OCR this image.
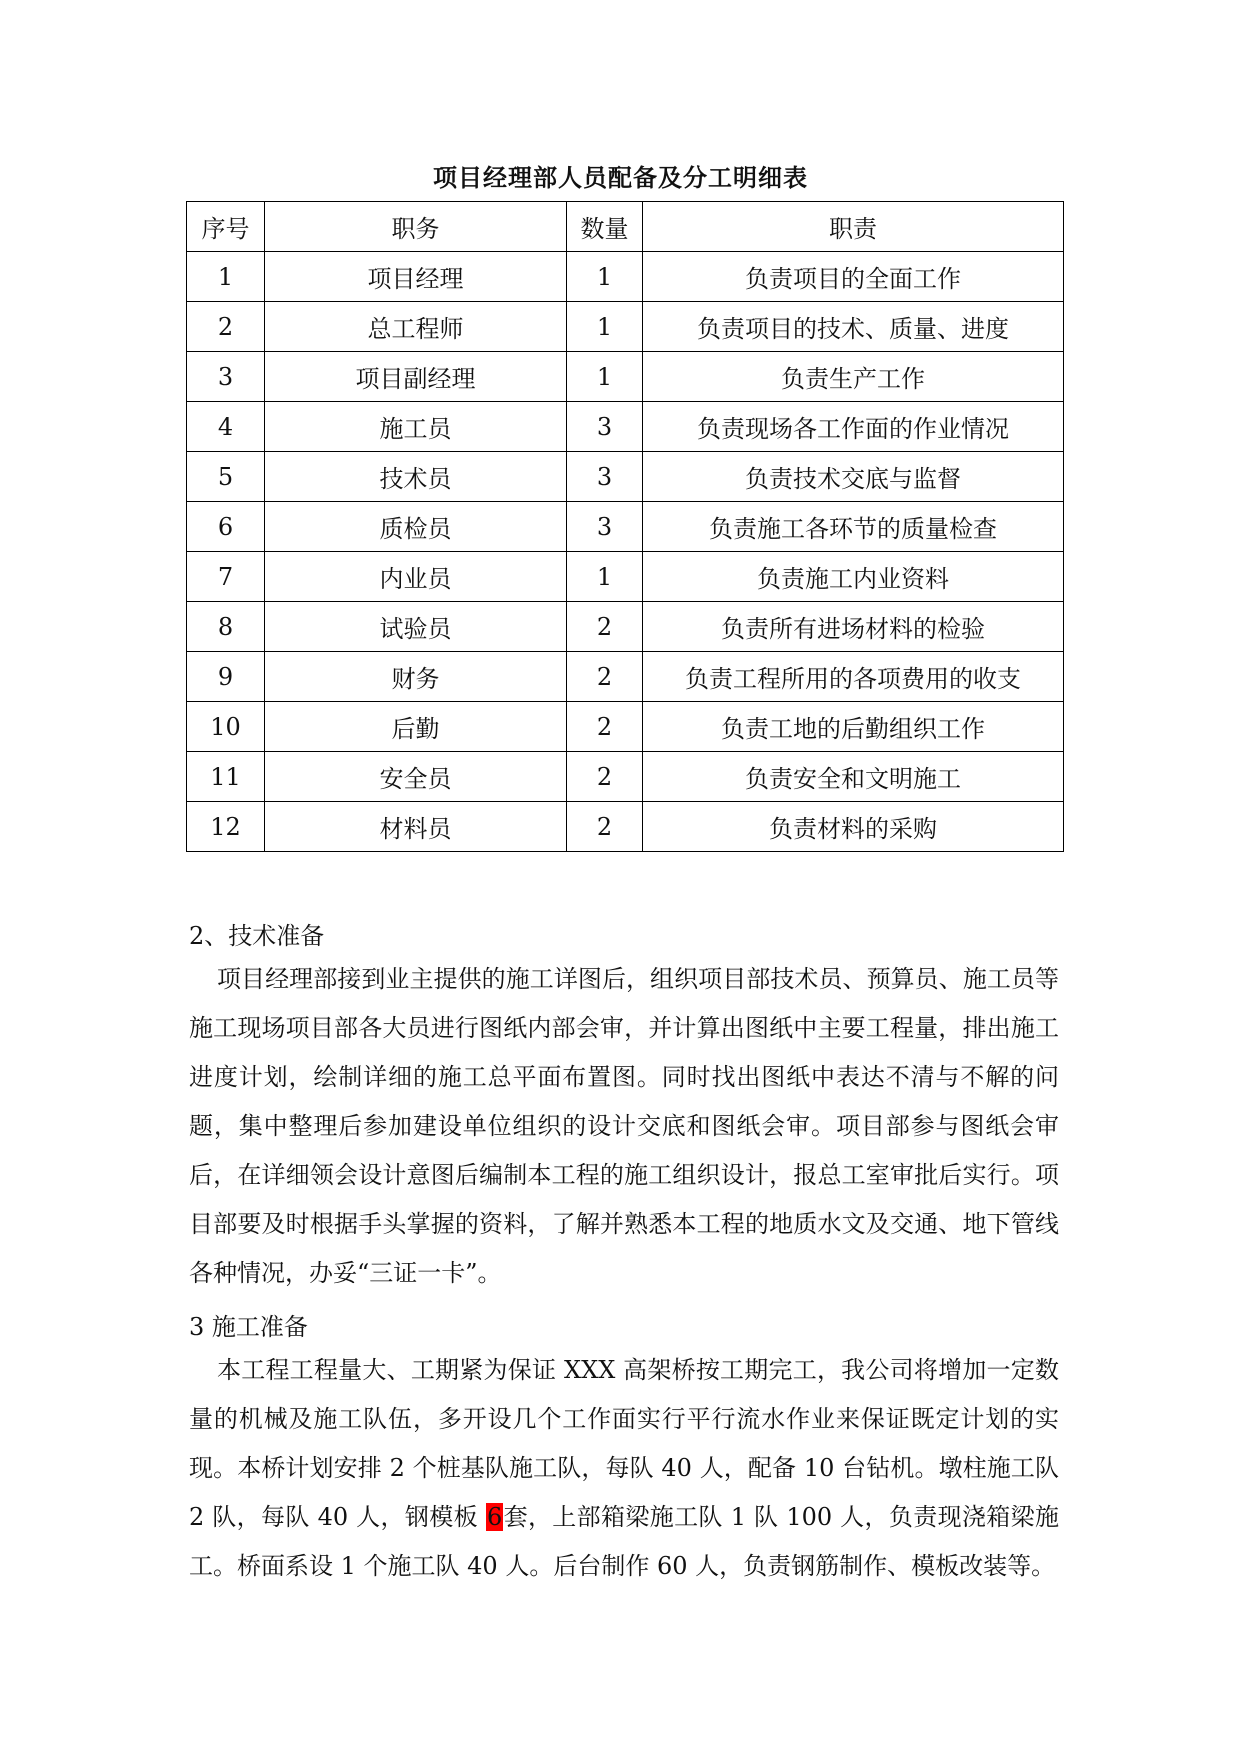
项目经理部人员配备及分工明细表
序号	职务	数量	职责
1	项目经理	1	负责项目的全面工作
2	总工程师	1	负责项目的技术、质量、进度
3	项目副经理	1	负责生产工作
4	施工员	3	负责现场各工作面的作业情况
5	技术员	3	负责技术交底与监督
6	质检员	3	负责施工各环节的质量检查
7	内业员	1	负责施工内业资料
8	试验员	2	负责所有进场材料的检验
9	财务	2	负责工程所用的各项费用的收支
10	后勤	2	负责工地的后勤组织工作
11	安全员	2	负责安全和文明施工
12	材料员	2	负责材料的采购
2、技术准备

项目经理部接到业主提供的施工详图后，组织项目部技术员、预算员、施工员等施工现场项目部各大员进行图纸内部会审，并计算出图纸中主要工程量，排出施工进度计划，绘制详细的施工总平面布置图。同时找出图纸中表达不清与不解的问题，集中整理后参加建设单位组织的设计交底和图纸会审。项目部参与图纸会审后，在详细领会设计意图后编制本工程的施工组织设计，报总工室审批后实行。项目部要及时根据手头掌握的资料，了解并熟悉本工程的地质水文及交通、地下管线各种情况，办妥“三证一卡”。

3 施工准备

本工程工程量大、工期紧为保证 XXX 高架桥按工期完工，我公司将增加一定数量的机械及施工队伍，多开设几个工作面实行平行流水作业来保证既定计划的实现。本桥计划安排 2 个桩基队施工队，每队 40 人，配备 10 台钻机。墩柱施工队 2 队，每队 40 人，钢模板 6套，上部箱梁施工队 1 队 100 人，负责现浇箱梁施工。桥面系设 1 个施工队 40 人。后台制作 60 人，负责钢筋制作、模板改装等。
